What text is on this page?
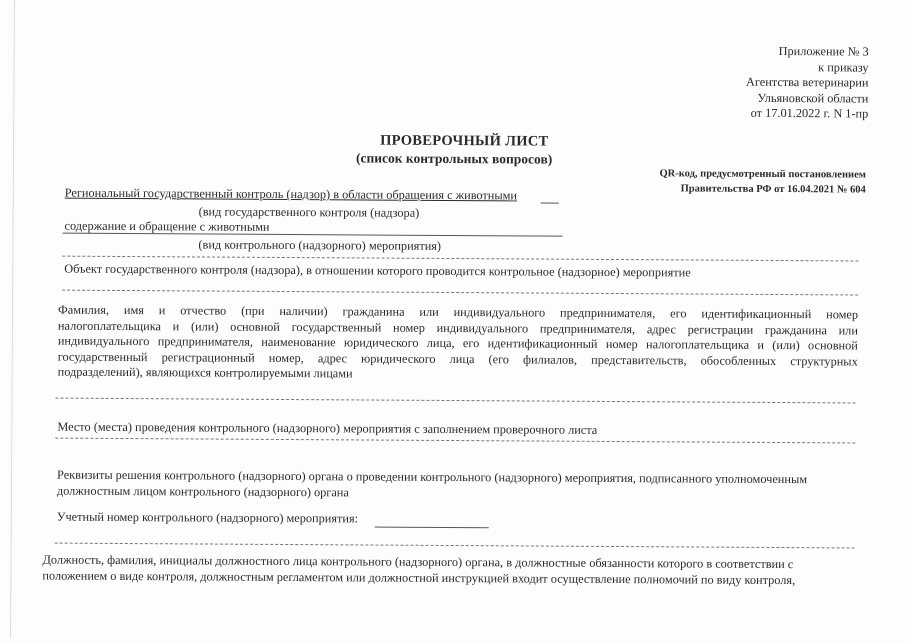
Приложение № 3
к приказу
Агентства ветеринарии
Ульяновской области
от 17.01.2022 г. N 1-пр
ПРОВЕРОЧНЫЙ ЛИСТ
(список контрольных вопросов)
QR-код, предусмотренный постановлением
Правительства РФ от 16.04.2021 № 604
Региональный государственный контроль (надзор) в области обращения с животными
(вид государственного контроля (надзора)
содержание и обращение с животными
(вид контрольного (надзорного) мероприятия)
Объект государственного контроля (надзора), в отношении которого проводится контрольное (надзорное) мероприятие
Фамилия, имя и отчество (при наличии) гражданина или индивидуального предпринимателя, его идентификационный номер
налогоплательщика и (или) основной государственный номер индивидуального предпринимателя, адрес регистрации гражданина или
индивидуального предпринимателя, наименование юридического лица, его идентификационный номер налогоплательщика и (или) основной
государственный регистрационный номер, адрес юридического лица (его филиалов, представительств, обособленных структурных
подразделений), являющихся контролируемыми лицами
Место (места) проведения контрольного (надзорного) мероприятия с заполнением проверочного листа
Реквизиты решения контрольного (надзорного) органа о проведении контрольного (надзорного) мероприятия, подписанного уполномоченным
должностным лицом контрольного (надзорного) органа
Учетный номер контрольного (надзорного) мероприятия:
Должность, фамилия, инициалы должностного лица контрольного (надзорного) органа, в должностные обязанности которого в соответствии с
положением о виде контроля, должностным регламентом или должностной инструкцией входит осуществление полномочий по виду контроля,
